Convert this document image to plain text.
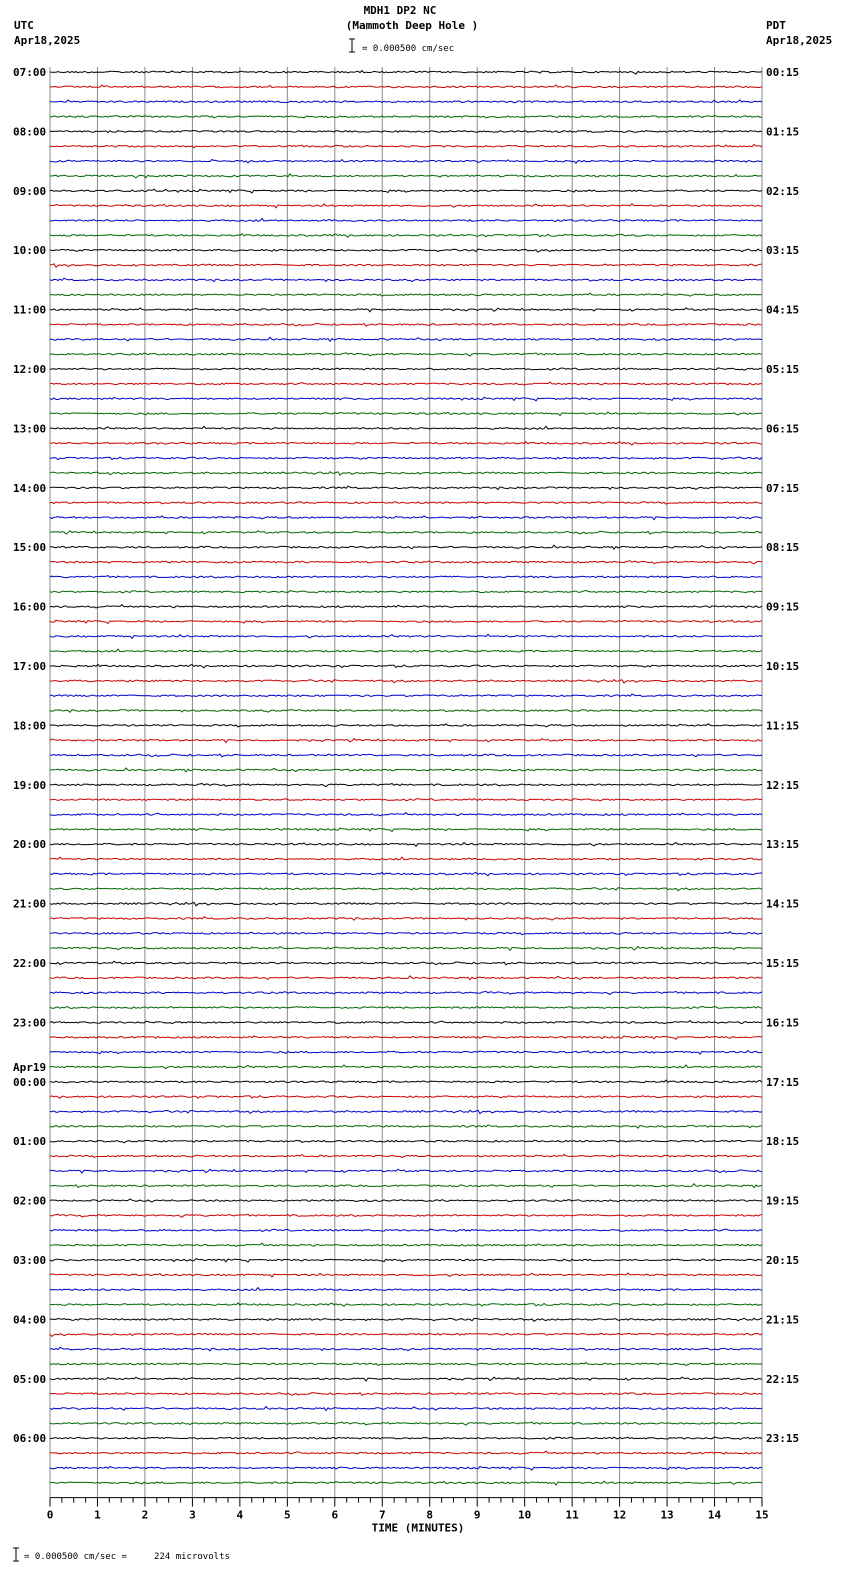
MDH1 DP2 NC
(Mammoth Deep Hole )
UTC
Apr18,2025
PDT
Apr18,2025
= 0.000500 cm/sec
07:00	00:15
08:00	01:15
09:00	02:15
10:00	03:15
11:00	04:15
12:00	05:15
13:00	06:15
14:00	07:15
15:00	08:15
16:00	09:15
17:00	10:15
18:00	11:15
19:00	12:15
20:00	13:15
21:00	14:15
22:00	15:15
23:00	16:15
00:00	17:15
Apr19
01:00	18:15
02:00	19:15
03:00	20:15
04:00	21:15
05:00	22:15
06:00	23:15
0	1	2	3	4	5	6	7	8	9	10	11	12	13	14	15
TIME (MINUTES)
= 0.000500 cm/sec =     224 microvolts
